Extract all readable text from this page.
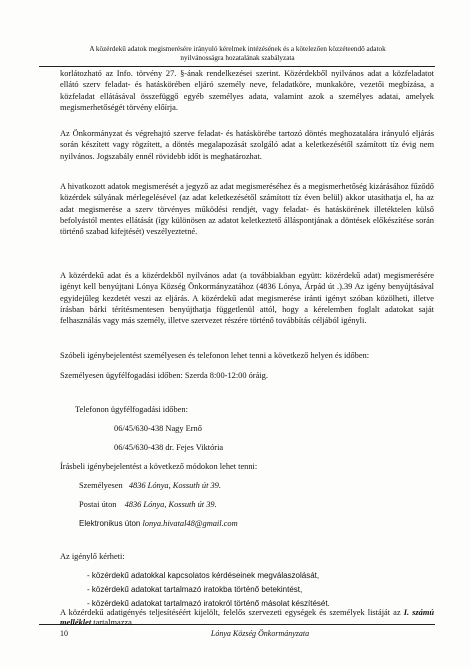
A közérdekű adatok megismerésére irányuló kérelmek intézésének és a kötelezően közzéteendő adatok
nyilvánosságra hozatalának szabályzata
korlátozható az Info. törvény 27. §-ának rendelkezései szerint. Közérdekből nyilvános adat a közfeladatot ellátó szerv feladat- és hatáskörében eljáró személy neve, feladatköre, munkaköre, vezetői megbízása, a közfeladat ellátásával összefüggő egyéb személyes adata, valamint azok a személyes adatai, amelyek megismerhetőségét törvény előírja.
Az Önkormányzat és végrehajtó szerve feladat- és hatáskörébe tartozó döntés meghozatalára irányuló eljárás során készített vagy rögzített, a döntés megalapozását szolgáló adat a keletkezésétől számított tíz évig nem nyilvános. Jogszabály ennél rövidebb időt is meghatározhat.
A hivatkozott adatok megismerését a jegyző az adat megismeréséhez és a megismerhetőség kizárásához fűződő közérdek súlyának mérlegelésével (az adat keletkezésétől számított tíz éven belül) akkor utasíthatja el, ha az adat megismerése a szerv törvényes működési rendjét, vagy feladat- és hatáskörének illetéktelen külső befolyástól mentes ellátását (így különösen az adatot keletkeztető álláspontjának a döntések előkészítése során történő szabad kifejtését) veszélyeztetné.
A közérdekű adat és a közérdekből nyilvános adat (a továbbiakban együtt: közérdekű adat) megismerésére igényt kell benyújtani Lónya Község Önkormányzatához (4836 Lónya, Árpád út .).39 Az igény benyújtásával egyidejűleg kezdetét veszi az eljárás. A közérdekű adat megismerése iránti igényt szóban közölheti, illetve írásban bárki térítésmentesen benyújthatja függetlenül attól, hogy a kérelemben foglalt adatokat saját felhasználás vagy más személy, illetve szervezet részére történő továbbítás céljából igényli.
Szóbeli igénybejelentést személyesen és telefonon lehet tenni a következő helyen és időben:
Személyesen ügyfélfogadási időben: Szerda 8:00-12:00 óráig.
Telefonon ügyfélfogadási időben:
06/45/630-438 Nagy Ernő
06/45/630-438 dr. Fejes Viktória
Írásbeli igénybejelentést a következő módokon lehet tenni:
Személyesen 4836 Lónya, Kossuth út 39.
Postai úton 4836 Lónya, Kossuth út 39.
Elektronikus úton lonya.hivatal48@gmail.com
Az igénylő kérheti:
- közérdekű adatokkal kapcsolatos kérdéseinek megválaszolását,
- közérdekű adatokat tartalmazó iratokba történő betekintést,
- közérdekű adatokat tartalmazó iratokról történő másolat készítését.
10	Lónya Község Önkormányzata
A közérdekű adatigényés teljesítéséért kijelölt, felelős szervezeti egységek és személyek listáját az I. számú melléklet tartalmazza.
